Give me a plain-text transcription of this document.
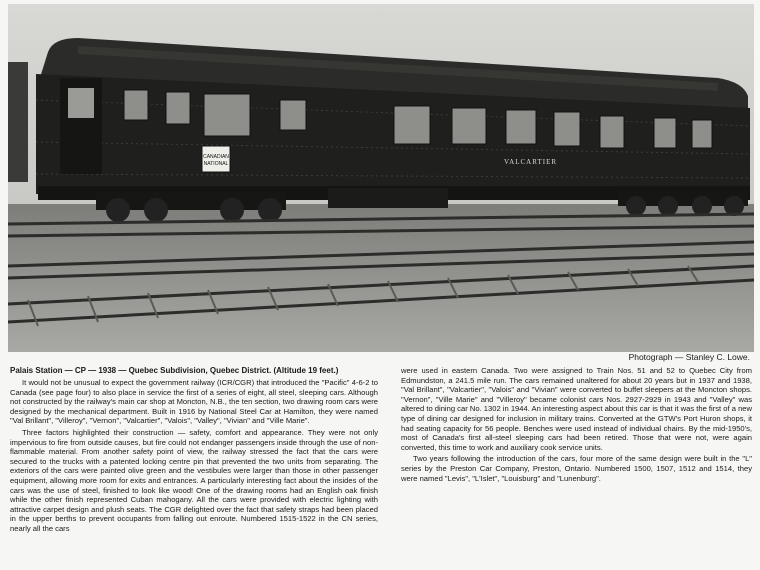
CANADIAN
NATIONAL	VALCARTIER
Photograph — Stanley C. Lowe.
Palais Station — CP — 1938 — Quebec Subdivision, Quebec District. (Altitude 19 feet.)

It would not be unusual to expect the government railway (ICR/CGR) that introduced the "Pacific" 4-6-2 to Canada (see page four) to also place in service the first of a series of eight, all steel, sleeping cars. Although not constructed by the railway's main car shop at Moncton, N.B., the ten section, two drawing room cars were designed by the mechanical department. Built in 1916 by National Steel Car at Hamilton, they were named "Val Brillant", "Villeroy", "Vernon", "Valcartier", "Valois", "Valley", "Vivian" and "Ville Marie".

Three factors highlighted their construction — safety, comfort and appearance. They were not only impervious to fire from outside causes, but fire could not endanger passengers inside through the use of non-flammable material. From another safety point of view, the railway stressed the fact that the cars were secured to the trucks with a patented locking centre pin that prevented the two units from separating. The exteriors of the cars were painted olive green and the vestibules were larger than those in other passenger equipment, allowing more room for exits and entrances. A particularly interesting fact about the insides of the cars was the use of steel, finished to look like wood! One of the drawing rooms had an English oak finish while the other finish represented Cuban mahogany. All the cars were provided with electric lighting with attractive carpet design and plush seats. The CGR delighted over the fact that safety straps had been placed in the upper berths to prevent occupants from falling out enroute. Numbered 1515-1522 in the CN series, nearly all the cars

were used in eastern Canada. Two were assigned to Train Nos. 51 and 52 to Quebec City from Edmundston, a 241.5 mile run. The cars remained unaltered for about 20 years but in 1937 and 1938, "Val Brillant", "Valcartier", "Valois" and "Vivian" were converted to buffet sleepers at the Moncton shops. "Vernon", "Ville Marie" and "Villeroy" became colonist cars Nos. 2927-2929 in 1943 and "Valley" was altered to dining car No. 1302 in 1944. An interesting aspect about this car is that it was the first of a new type of dining car designed for inclusion in military trains. Converted at the GTW's Port Huron shops, it had seating capacity for 56 people. Benches were used instead of individual chairs. By the mid-1950's, most of Canada's first all-steel sleeping cars had been retired. Those that were not, were again converted, this time to work and auxiliary cook service units.

Two years following the introduction of the cars, four more of the same design were built in the "L" series by the Preston Car Company, Preston, Ontario. Numbered 1500, 1507, 1512 and 1514, they were named "Levis", "L'Islet", "Louisburg" and "Lunenburg".
